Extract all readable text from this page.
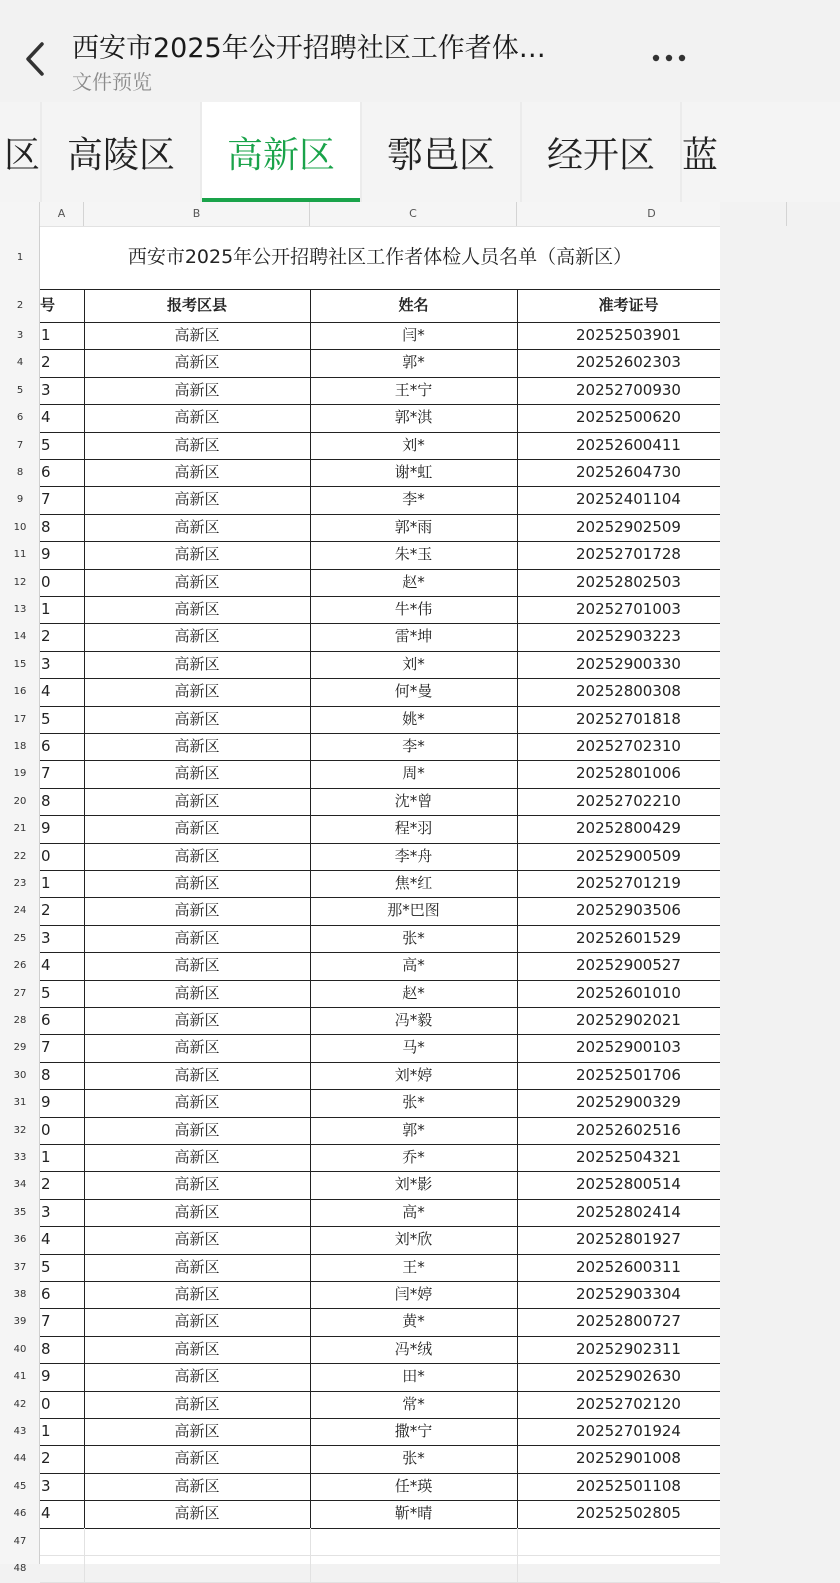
西安市2025年公开招聘社区工作者体…
文件预览
区 高陵区 高新区 鄠邑区 经开区 蓝
A	B	C	D
1	西安市2025年公开招聘社区工作者体检人员名单（高新区）
2	号	报考区县	姓名	准考证号
3	1	高新区	闫*	20252503901
4	2	高新区	郭*	20252602303
5	3	高新区	王*宁	20252700930
6	4	高新区	郭*淇	20252500620
7	5	高新区	刘*	20252600411
8	6	高新区	谢*虹	20252604730
9	7	高新区	李*	20252401104
10 8	高新区	郭*雨	20252902509
11 9	高新区	朱*玉	20252701728
12 0	高新区	赵*	20252802503
13 1	高新区	牛*伟	20252701003
14 2	高新区	雷*坤	20252903223
15 3	高新区	刘*	20252900330
16 4	高新区	何*曼	20252800308
17 5	高新区	姚*	20252701818
18 6	高新区	李*	20252702310
19 7	高新区	周*	20252801006
20 8	高新区	沈*曾	20252702210
21 9	高新区	程*羽	20252800429
22 0	高新区	李*舟	20252900509
23 1	高新区	焦*红	20252701219
24 2	高新区	那*巴图	20252903506
25 3	高新区	张*	20252601529
26 4	高新区	高*	20252900527
27 5	高新区	赵*	20252601010
28 6	高新区	冯*毅	20252902021
29 7	高新区	马*	20252900103
30 8	高新区	刘*婷	20252501706
31 9	高新区	张*	20252900329
32 0	高新区	郭*	20252602516
33 1	高新区	乔*	20252504321
34 2	高新区	刘*影	20252800514
35 3	高新区	高*	20252802414
36 4	高新区	刘*欣	20252801927
37 5	高新区	王*	20252600311
38 6	高新区	闫*婷	20252903304
39 7	高新区	黄*	20252800727
40 8	高新区	冯*绒	20252902311
41 9	高新区	田*	20252902630
42 0	高新区	常*	20252702120
43 1	高新区	撒*宁	20252701924
44 2	高新区	张*	20252901008
45 3	高新区	任*瑛	20252501108
46 4	高新区	靳*晴	20252502805
47
48
